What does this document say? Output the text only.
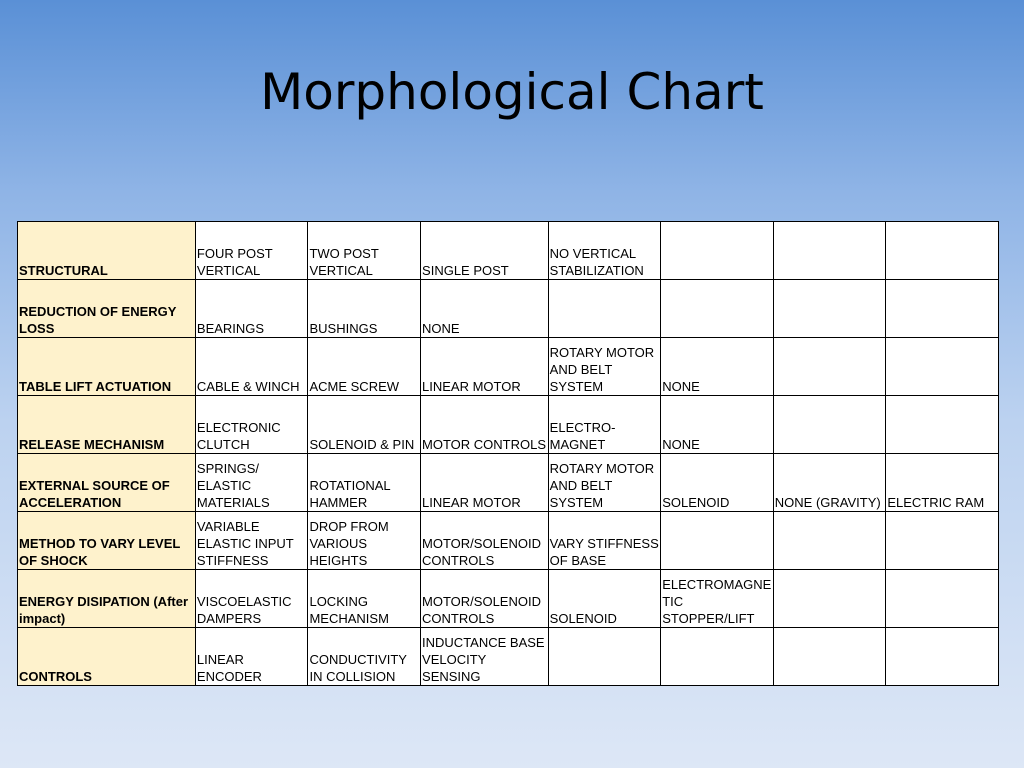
Morphological Chart
STRUCTURAL	FOUR POST VERTICAL	TWO POST VERTICAL	SINGLE POST	NO VERTICAL STABILIZATION			
REDUCTION OF ENERGY LOSS	BEARINGS	BUSHINGS	NONE				
TABLE LIFT ACTUATION	CABLE & WINCH	ACME SCREW	LINEAR MOTOR	ROTARY MOTOR AND BELT SYSTEM	NONE		
RELEASE MECHANISM	ELECTRONIC CLUTCH	SOLENOID & PIN	MOTOR CONTROLS	ELECTRO-MAGNET	NONE		
EXTERNAL SOURCE OF ACCELERATION	SPRINGS/ ELASTIC MATERIALS	ROTATIONAL HAMMER	LINEAR MOTOR	ROTARY MOTOR AND BELT SYSTEM	SOLENOID	NONE (GRAVITY)	ELECTRIC RAM
METHOD TO VARY LEVEL OF SHOCK	VARIABLE ELASTIC INPUT STIFFNESS	DROP FROM VARIOUS HEIGHTS	MOTOR/SOLENOID CONTROLS	VARY STIFFNESS OF BASE			
ENERGY DISIPATION (After impact)	VISCOELASTIC DAMPERS	LOCKING MECHANISM	MOTOR/SOLENOID CONTROLS	SOLENOID	ELECTROMAGNETIC STOPPER/LIFT		
CONTROLS	LINEAR ENCODER	CONDUCTIVITY IN COLLISION	INDUCTANCE BASE VELOCITY SENSING				
